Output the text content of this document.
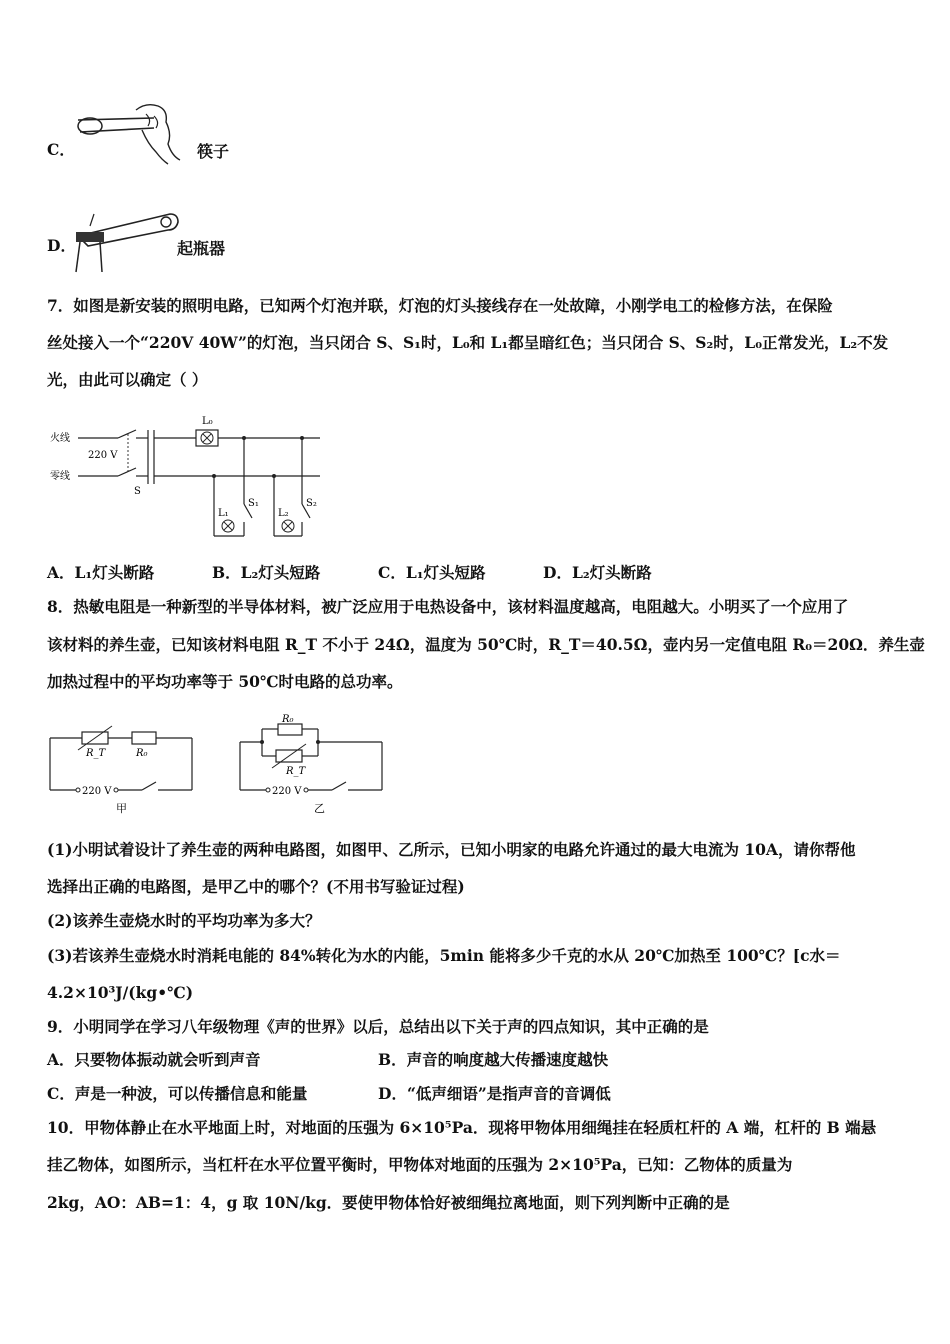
C．	筷子
D．	起瓶器
7．如图是新安装的照明电路，已知两个灯泡并联，灯泡的灯头接线存在一处故障，小刚学电工的检修方法，在保险
丝处接入一个“220V 40W”的灯泡，当只闭合 S、S₁时，L₀和 L₁都呈暗红色；当只闭合 S、S₂时，L₀正常发光，L₂不发
光，由此可以确定（ ）
火线
零线
220 V
S
L₀
L₁
S₁
L₂
S₂
A．L₁灯头断路	B．L₂灯头短路	C．L₁灯头短路	D．L₂灯头断路
8．热敏电阻是一种新型的半导体材料，被广泛应用于电热设备中，该材料温度越高，电阻越大。小明买了一个应用了
该材料的养生壶，已知该材料电阻 R_T 不小于 24Ω，温度为 50℃时，R_T＝40.5Ω，壶内另一定值电阻 R₀＝20Ω．养生壶
加热过程中的平均功率等于 50℃时电路的总功率。
R_T	R₀
220 V
甲
R₀
R_T
220 V
乙
(1)小明试着设计了养生壶的两种电路图，如图甲、乙所示，已知小明家的电路允许通过的最大电流为 10A，请你帮他
选择出正确的电路图，是甲乙中的哪个？(不用书写验证过程)
(2)该养生壶烧水时的平均功率为多大？
(3)若该养生壶烧水时消耗电能的 84%转化为水的内能，5min 能将多少千克的水从 20℃加热至 100℃？[c水＝
4.2×10³J/(kg•℃)
9．小明同学在学习八年级物理《声的世界》以后，总结出以下关于声的四点知识，其中正确的是
A．只要物体振动就会听到声音	B．声音的响度越大传播速度越快
C．声是一种波，可以传播信息和能量	D．“低声细语”是指声音的音调低
10．甲物体静止在水平地面上时，对地面的压强为 6×10⁵Pa．现将甲物体用细绳挂在轻质杠杆的 A 端，杠杆的 B 端悬
挂乙物体，如图所示，当杠杆在水平位置平衡时，甲物体对地面的压强为 2×10⁵Pa，已知：乙物体的质量为
2kg，AO：AB=1：4，g 取 10N/kg．要使甲物体恰好被细绳拉离地面，则下列判断中正确的是
